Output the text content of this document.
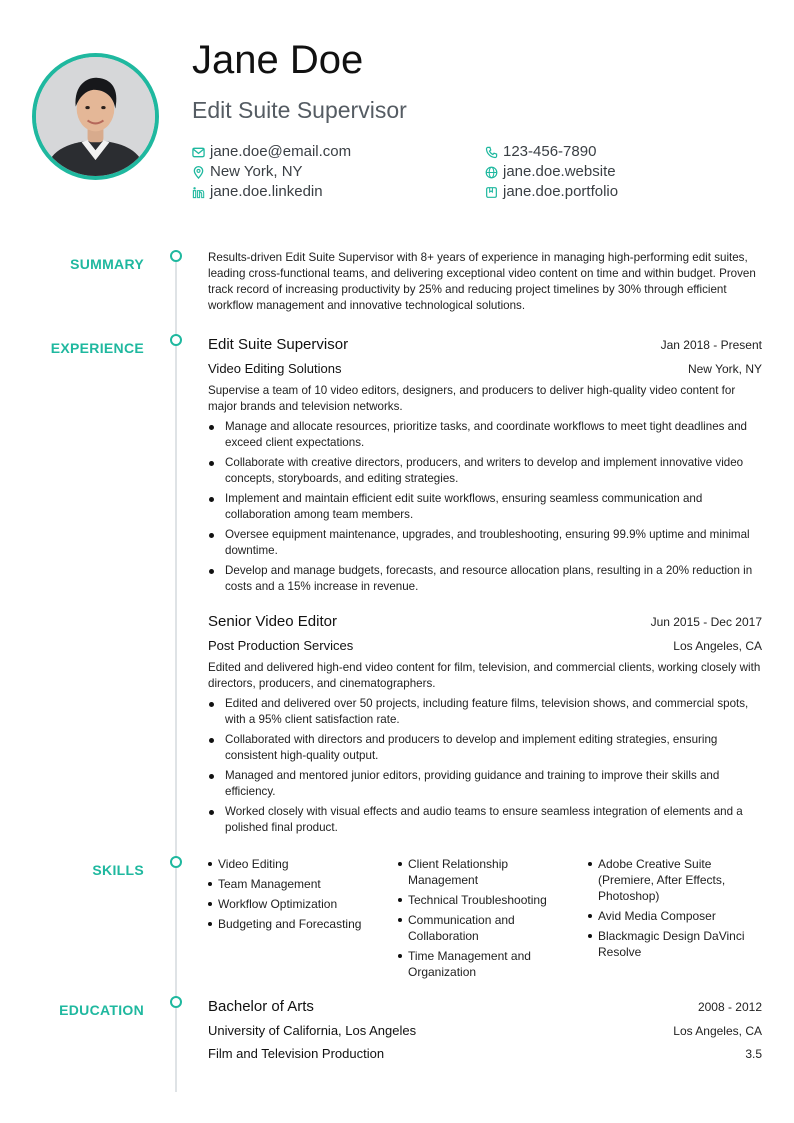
Jane Doe
Edit Suite Supervisor
jane.doe@email.com
New York, NY
jane.doe.linkedin
123-456-7890
jane.doe.website
jane.doe.portfolio
SUMMARY	Results-driven Edit Suite Supervisor with 8+ years of experience in managing high-performing edit suites, leading cross-functional teams, and delivering exceptional video content on time and within budget. Proven track record of increasing productivity by 25% and reducing project timelines by 30% through efficient workflow management and innovative technological solutions.
EXPERIENCE	Edit Suite Supervisor	Jan 2018 - Present
Video Editing Solutions	New York, NY
Supervise a team of 10 video editors, designers, and producers to deliver high-quality video content for major brands and television networks.
Manage and allocate resources, prioritize tasks, and coordinate workflows to meet tight deadlines and exceed client expectations.
Collaborate with creative directors, producers, and writers to develop and implement innovative video concepts, storyboards, and editing strategies.
Implement and maintain efficient edit suite workflows, ensuring seamless communication and collaboration among team members.
Oversee equipment maintenance, upgrades, and troubleshooting, ensuring 99.9% uptime and minimal downtime.
Develop and manage budgets, forecasts, and resource allocation plans, resulting in a 20% reduction in costs and a 15% increase in revenue.
Senior Video Editor	Jun 2015 - Dec 2017
Post Production Services	Los Angeles, CA
Edited and delivered high-end video content for film, television, and commercial clients, working closely with directors, producers, and cinematographers.
Edited and delivered over 50 projects, including feature films, television shows, and commercial spots, with a 95% client satisfaction rate.
Collaborated with directors and producers to develop and implement editing strategies, ensuring consistent high-quality output.
Managed and mentored junior editors, providing guidance and training to improve their skills and efficiency.
Worked closely with visual effects and audio teams to ensure seamless integration of elements and a polished final product.
SKILLS	Video Editing
Team Management
Workflow Optimization
Budgeting and Forecasting
Client Relationship Management
Technical Troubleshooting
Communication and Collaboration
Time Management and Organization
Adobe Creative Suite (Premiere, After Effects, Photoshop)
Avid Media Composer
Blackmagic Design DaVinci Resolve
EDUCATION	Bachelor of Arts	2008 - 2012
University of California, Los Angeles	Los Angeles, CA
Film and Television Production	3.5
